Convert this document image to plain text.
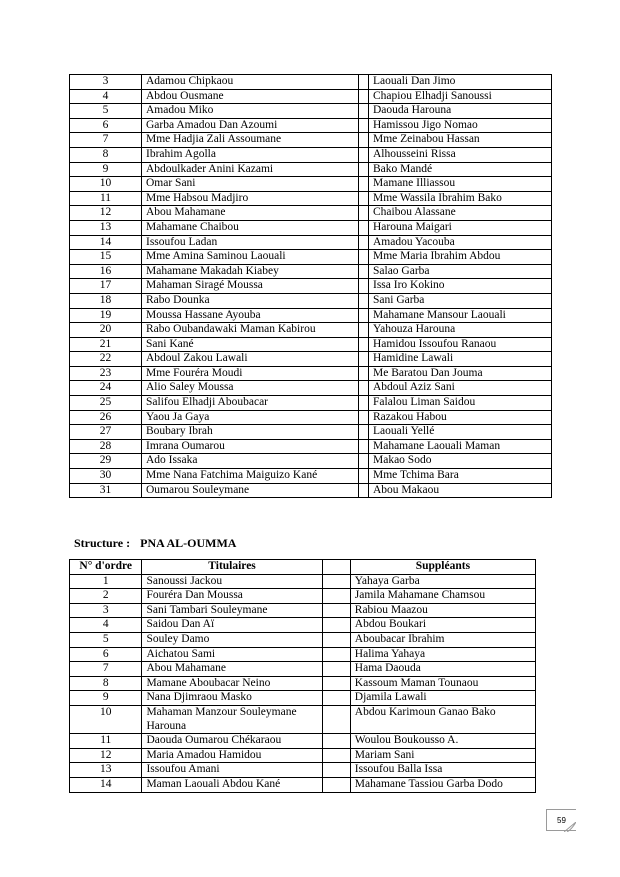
3	Adamou Chipkaou		Laouali Dan Jimo
4	Abdou Ousmane		Chapiou Elhadji Sanoussi
5	Amadou Miko		Daouda Harouna
6	Garba Amadou Dan Azoumi		Hamissou Jigo Nomao
7	Mme Hadjia Zali Assoumane		Mme Zeinabou Hassan
8	Ibrahim Agolla		Alhousseini Rissa
9	Abdoulkader Anini Kazami		Bako Mandé
10	Omar Sani		Mamane Illiassou
11	Mme Habsou Madjiro		Mme Wassila Ibrahim Bako
12	Abou Mahamane		Chaibou Alassane
13	Mahamane Chaibou		Harouna Maigari
14	Issoufou Ladan		Amadou Yacouba
15	Mme Amina Saminou Laouali		Mme Maria Ibrahim Abdou
16	Mahamane Makadah Kiabey		Salao Garba
17	Mahaman Siragé Moussa		Issa Iro Kokino
18	Rabo Dounka		Sani Garba
19	Moussa Hassane Ayouba		Mahamane Mansour Laouali
20	Rabo Oubandawaki Maman Kabirou		Yahouza Harouna
21	Sani Kané		Hamidou Issoufou Ranaou
22	Abdoul Zakou Lawali		Hamidine Lawali
23	Mme Fouréra Moudi		Me Baratou Dan Jouma
24	Alio Saley Moussa		Abdoul Aziz Sani
25	Salifou Elhadji Aboubacar		Falalou Liman Saidou
26	Yaou Ja Gaya		Razakou Habou
27	Boubary Ibrah		Laouali Yellé
28	Imrana Oumarou		Mahamane Laouali Maman
29	Ado Issaka		Makao Sodo
30	Mme Nana Fatchima Maiguizo Kané		Mme Tchima Bara
31	Oumarou Souleymane		Abou Makaou
Structure : PNA AL-OUMMA
N° d'ordre	Titulaires		Suppléants
1	Sanoussi Jackou		Yahaya Garba
2	Fouréra Dan Moussa		Jamila Mahamane Chamsou
3	Sani Tambari Souleymane		Rabiou Maazou
4	Saidou Dan Aï		Abdou Boukari
5	Souley Damo		Aboubacar Ibrahim
6	Aichatou Sami		Halima Yahaya
7	Abou Mahamane		Hama Daouda
8	Mamane Aboubacar Neino		Kassoum Maman Tounaou
9	Nana Djimraou Masko		Djamila Lawali
10	Mahaman Manzour Souleymane Harouna		Abdou Karimoun Ganao Bako
11	Daouda Oumarou Chékaraou		Woulou Boukousso A.
12	Maria Amadou Hamidou		Mariam Sani
13	Issoufou Amani		Issoufou Balla Issa
14	Maman Laouali Abdou Kané		Mahamane Tassiou Garba Dodo
59
